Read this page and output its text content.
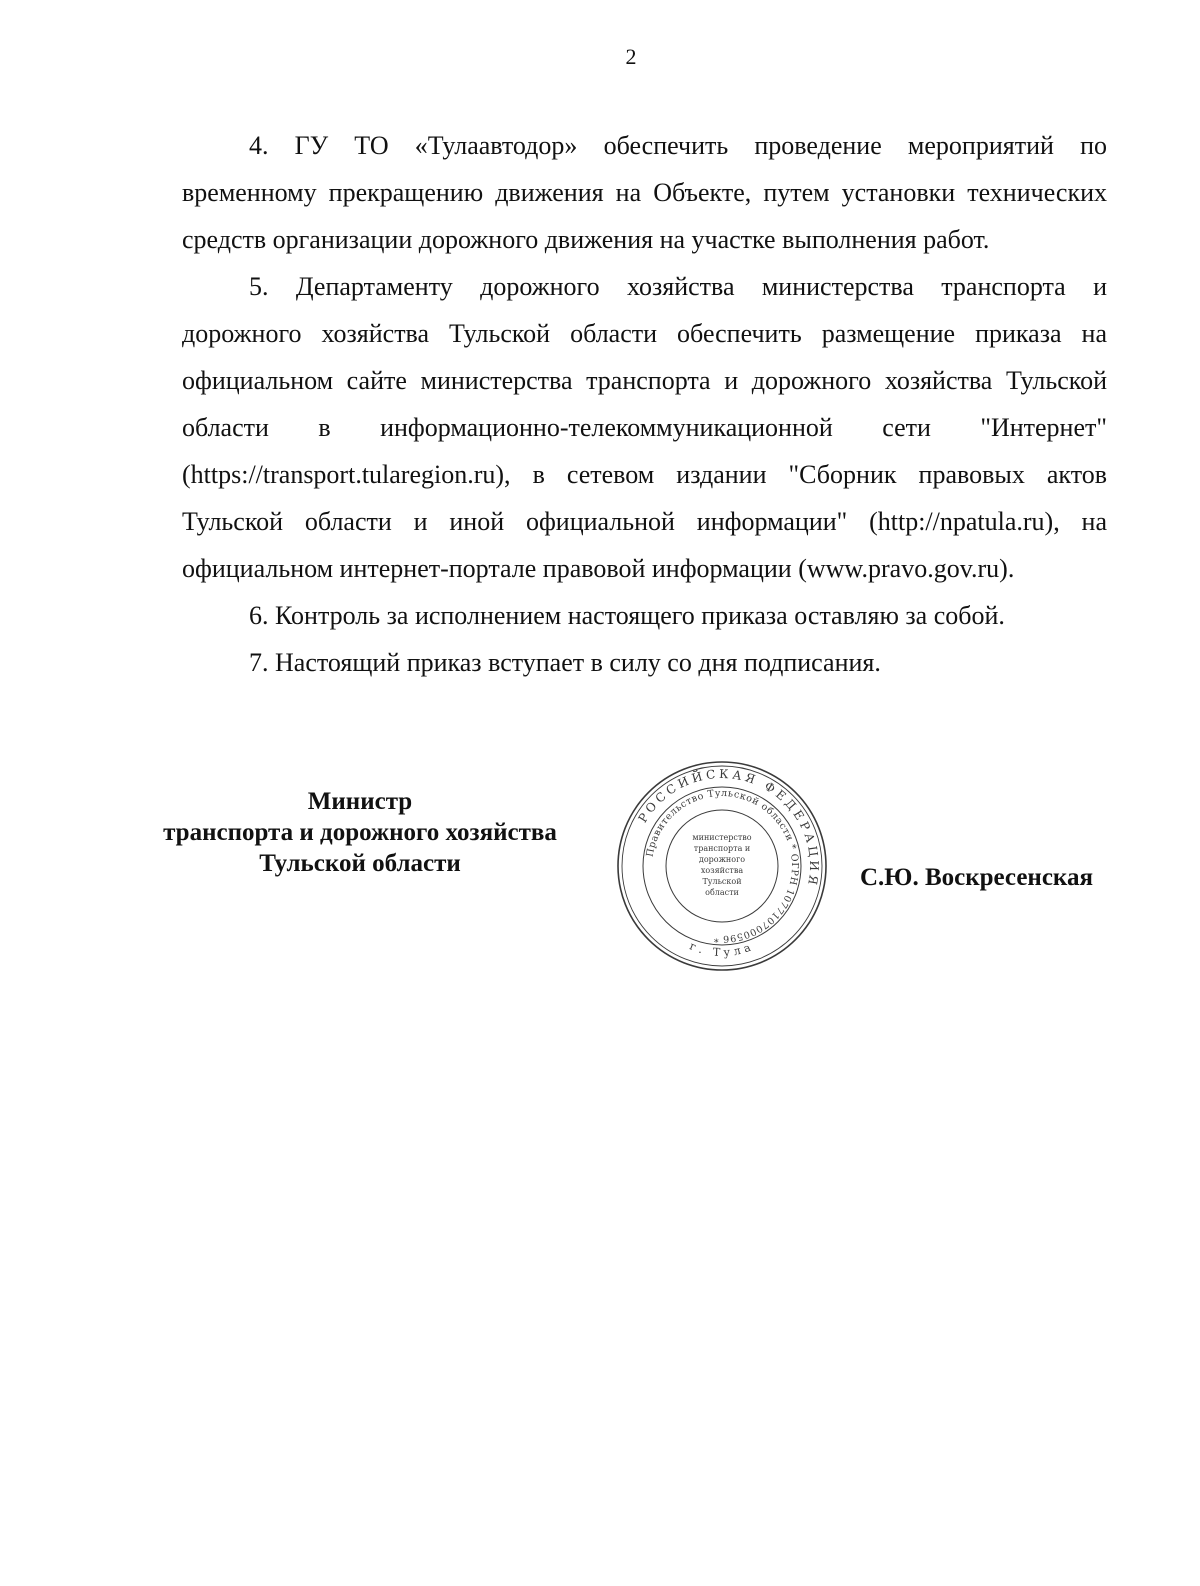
2

4. ГУ ТО «Тулаавтодор» обеспечить проведение мероприятий по временному прекращению движения на Объекте, путем установки технических средств организации дорожного движения на участке выполнения работ.

5. Департаменту дорожного хозяйства министерства транспорта и дорожного хозяйства Тульской области обеспечить размещение приказа на официальном сайте министерства транспорта и дорожного хозяйства Тульской области в информационно-телекоммуникационной сети "Интернет" (https://transport.tularegion.ru), в сетевом издании "Сборник правовых актов Тульской области и иной официальной информации" (http://npatula.ru), на официальном интернет-портале правовой информации (www.pravo.gov.ru).

6. Контроль за исполнением настоящего приказа оставляю за собой.

7. Настоящий приказ вступает в силу со дня подписания.

Министр
транспорта и дорожного хозяйства
Тульской области
РОССИЙСКАЯ ФЕДЕРАЦИЯ
Правительство Тульской области * ОГРН 1077107000596 *
г. Тула
министерство
транспорта и
дорожного
хозяйства
Тульской
области
С.Ю. Воскресенская
